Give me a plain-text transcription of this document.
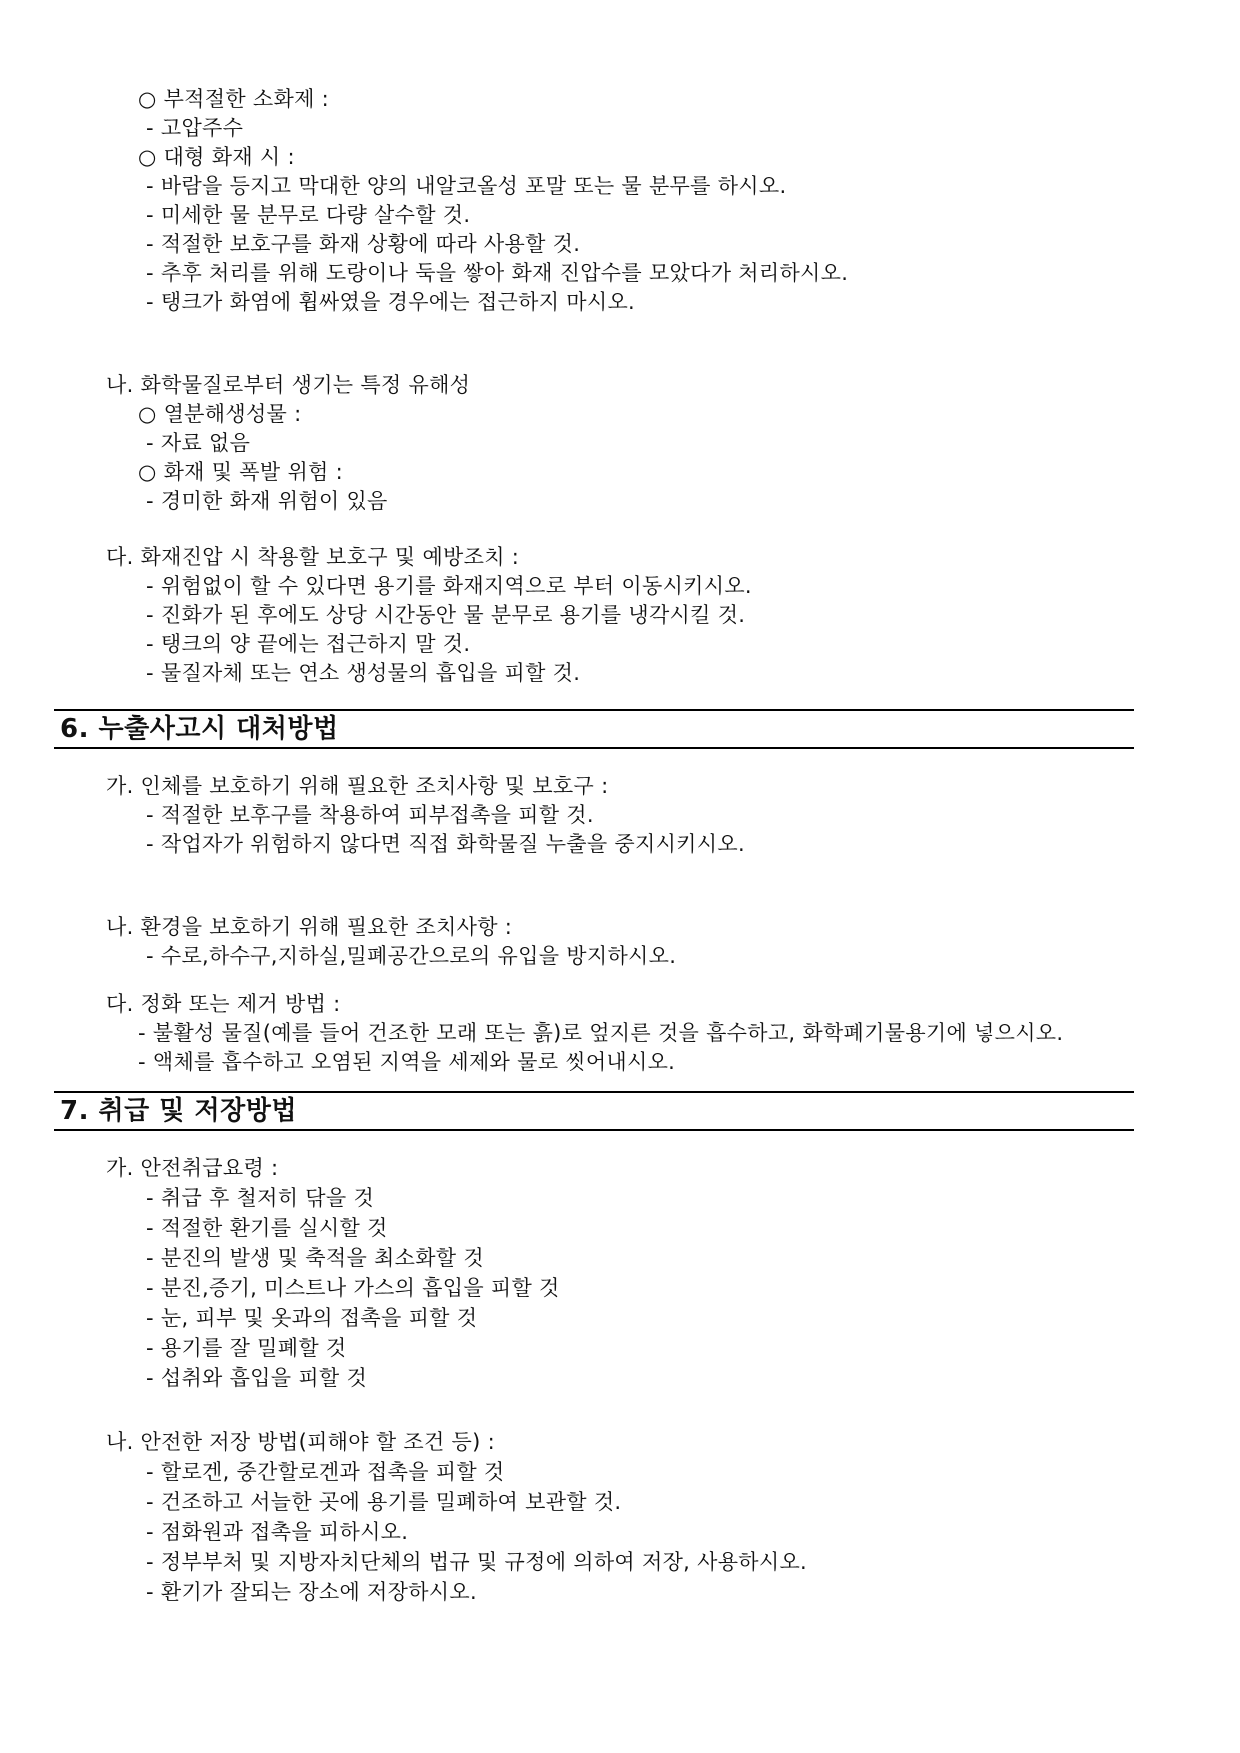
○ 부적절한 소화제 :
- 고압주수
○ 대형 화재 시 :
- 바람을 등지고 막대한 양의 내알코올성 포말 또는 물 분무를 하시오.
- 미세한 물 분무로 다량 살수할 것.
- 적절한 보호구를 화재 상황에 따라 사용할 것.
- 추후 처리를 위해 도랑이나 둑을 쌓아 화재 진압수를 모았다가 처리하시오.
- 탱크가 화염에 휩싸였을 경우에는 접근하지 마시오.
나. 화학물질로부터 생기는 특정 유해성
○ 열분해생성물 :
- 자료 없음
○ 화재 및 폭발 위험 :
- 경미한 화재 위험이 있음
다. 화재진압 시 착용할 보호구 및 예방조치 :
- 위험없이 할 수 있다면 용기를 화재지역으로 부터 이동시키시오.
- 진화가 된 후에도 상당 시간동안 물 분무로 용기를 냉각시킬 것.
- 탱크의 양 끝에는 접근하지 말 것.
- 물질자체 또는 연소 생성물의 흡입을 피할 것.
6. 누출사고시 대처방법
가. 인체를 보호하기 위해 필요한 조치사항 및 보호구 :
- 적절한 보후구를 착용하여 피부접촉을 피할 것.
- 작업자가 위험하지 않다면 직접 화학물질 누출을 중지시키시오.
나. 환경을 보호하기 위해 필요한 조치사항 :
- 수로,하수구,지하실,밀폐공간으로의 유입을 방지하시오.
다. 정화 또는 제거 방법 :
- 불활성 물질(예를 들어 건조한 모래 또는 흙)로 엎지른 것을 흡수하고, 화학폐기물용기에 넣으시오.
- 액체를 흡수하고 오염된 지역을 세제와 물로 씻어내시오.
7. 취급 및 저장방법
가. 안전취급요령 :
- 취급 후 철저히 닦을 것
- 적절한 환기를 실시할 것
- 분진의 발생 및 축적을 최소화할 것
- 분진,증기, 미스트나 가스의 흡입을 피할 것
- 눈, 피부 및 옷과의 접촉을 피할 것
- 용기를 잘 밀폐할 것
- 섭취와 흡입을 피할 것
나. 안전한 저장 방법(피해야 할 조건 등) :
- 할로겐, 중간할로겐과 접촉을 피할 것
- 건조하고 서늘한 곳에 용기를 밀폐하여 보관할 것.
- 점화원과 접촉을 피하시오.
- 정부부처 및 지방자치단체의 법규 및 규정에 의하여 저장, 사용하시오.
- 환기가 잘되는 장소에 저장하시오.
